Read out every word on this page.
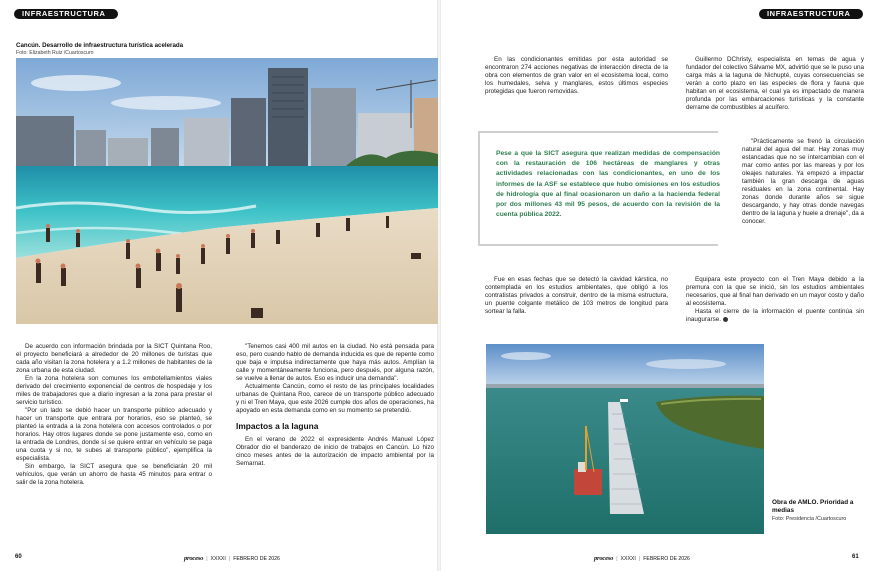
INFRAESTRUCTURA	INFRAESTRUCTURA
Cancún. Desarrollo de infraestructura turística acelerada
Foto: Elizabeth Ruiz /Cuartoscuro

De acuerdo con información brindada por la SICT Quintana Roo, el proyecto beneficiará a alrededor de 20 millones de turistas que cada año visitan la zona hotelera y a 1.2 millones de habitantes de la zona urbana de esta ciudad.

En la zona hotelera son comunes los embotellamientos viales derivado del crecimiento exponencial de centros de hospedaje y los miles de trabajadores que a diario ingresan a la zona para prestar el servicio turístico.

"Por un lado se debió hacer un transporte público adecuado y hacer un transporte que entrara por horarios, eso se planteó, se planteó la entrada a la zona hotelera con accesos controlados o por horarios. Hay otros lugares donde se pone justamente eso, como en la entrada de Londres, donde sí se quiere entrar en vehículo se paga una cuota y si no, te subes al transporte público", ejemplifica la especialista.

Sin embargo, la SICT asegura que se beneficiarán 20 mil vehículos, que verán un ahorro de hasta 45 minutos para entrar o salir de la zona hotelera.

"Tenemos casi 400 mil autos en la ciudad. No está pensada para eso, pero cuando hablo de demanda inducida es que de repente como que baja e impulsa indirectamente que haya más autos. Amplían la calle y momentáneamente funciona, pero después, por alguna razón, se vuelve a llenar de autos. Eso es inducir una demanda".

Actualmente Cancún, como el resto de las principales localidades urbanas de Quintana Roo, carece de un transporte público adecuado y ni el Tren Maya, que este 2026 cumple dos años de operaciones, ha apoyado en esta demanda como en su momento se pretendió.

Impactos a la laguna

En el verano de 2022 el expresidente Andrés Manuel López Obrador dio el banderazo de inicio de trabajos en Cancún. Lo hizo cinco meses antes de la autorización de impacto ambiental por la Semarnat.

En las condicionantes emitidas por esta autoridad se encontraron 274 acciones negativas de interacción directa de la obra con elementos de gran valor en el ecosistema local, como los humedales, selva y manglares, estos últimos especies protegidas que fueron removidas.

Guillermo DChristy, especialista en temas de agua y fundador del colectivo Sálvame MX, advirtió que se le puso una carga más a la laguna de Nichupté, cuyas consecuencias se verán a corto plazo en las especies de flora y fauna que habitan en el ecosistema, el cual ya es impactado de manera profunda por las embarcaciones turísticas y la constante derrame de combustibles al acuífero.

Pese a que la SICT asegura que realizan medidas de compensación con la restauración de 106 hectáreas de manglares y otras actividades relacionadas con las condicionantes, en uno de los informes de la ASF se establece que hubo omisiones en los estudios de hidrología que al final ocasionaron un daño a la hacienda federal por dos millones 43 mil 95 pesos, de acuerdo con la revisión de la cuenta pública 2022.

"Prácticamente se frenó la circulación natural del agua del mar. Hay zonas muy estancadas que no se intercambian con el mar como antes por las mareas y por los oleajes naturales. Ya empezó a impactar también la gran descarga de aguas residuales en la zona continental. Hay zonas donde durante años se sigue descargando, y hay otras donde navegas dentro de la laguna y huele a drenaje", da a conocer.

Fue en esas fechas que se detectó la cavidad kárstica, no contemplada en los estudios ambientales, que obligó a los contratistas privados a construir, dentro de la misma estructura, un puente colgante metálico de 103 metros de longitud para sortear la falla.

Equipara este proyecto con el Tren Maya debido a la premura con la que se inició, sin los estudios ambientales necesarios, que al final han derivado en un mayor costo y daño al ecosistema.

Hasta el cierre de la información el puente continúa sin inaugurarse.

Obra de AMLO. Prioridad a medias
Foto: Presidencia /Cuartoscuro
60	proceso | XXXXI | FEBRERO DE 2026	proceso | XXXXI | FEBRERO DE 2026	61
